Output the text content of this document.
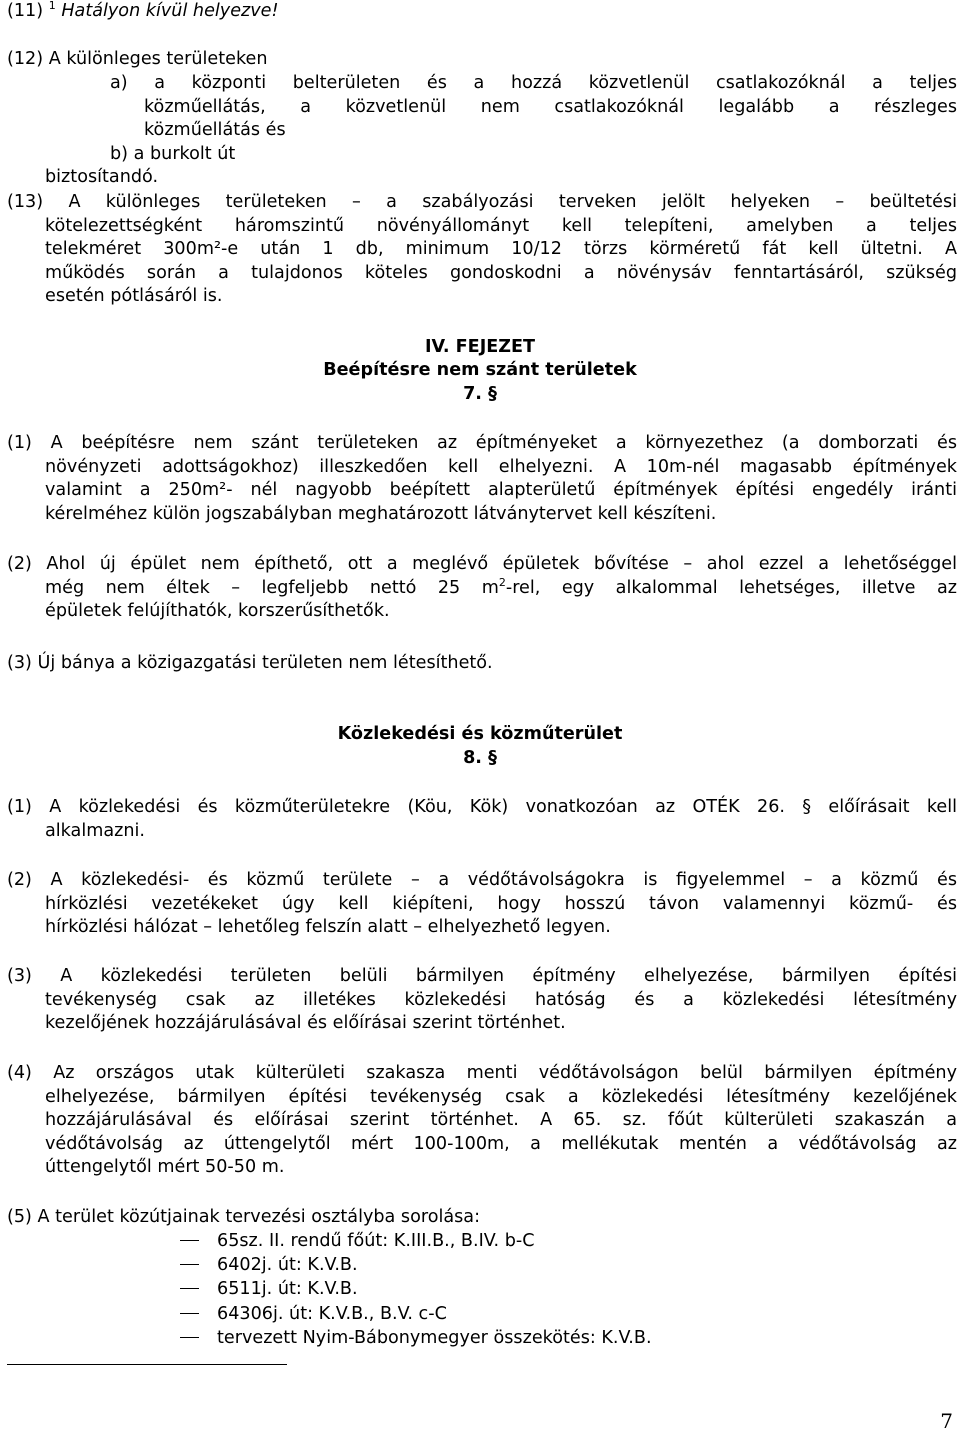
(11) $^1$ Hatályon kívül helyezve!
(12) A különleges területeken
a) a központi belterületen és a hozzá közvetlenül csatlakozóknál a teljes
közműellátás, a közvetlenül nem csatlakozóknál legalább a részleges
közműellátás és
b) a burkolt út
biztosítandó.
(13) A különleges területeken – a szabályozási terveken jelölt helyeken – beültetési
kötelezettségként háromszintű növényállományt kell telepíteni, amelyben a teljes
telekméret 300m²-e után 1 db, minimum 10/12 törzs körméretű fát kell ültetni. A
működés során a tulajdonos köteles gondoskodni a növénysáv fenntartásáról, szükség
esetén pótlásáról is.
IV. FEJEZET
Beépítésre nem szánt területek
7. §
(1) A beépítésre nem szánt területeken az építményeket a környezethez (a domborzati és
növényzeti adottságokhoz) illeszkedően kell elhelyezni. A 10m-nél magasabb építmények
valamint a 250m²- nél nagyobb beépített alapterületű építmények építési engedély iránti
kérelméhez külön jogszabályban meghatározott látványtervet kell készíteni.
(2) Ahol új épület nem építhető, ott a meglévő épületek bővítése – ahol ezzel a lehetőséggel
még nem éltek – legfeljebb nettó 25 $m^2$-rel, egy alkalommal lehetséges, illetve az
épületek felújíthatók, korszerűsíthetők.
(3) Új bánya a közigazgatási területen nem létesíthető.
Közlekedési és közműterület
8. §
(1) A közlekedési és közműterületekre (Köu, Kök) vonatkozóan az OTÉK 26. § előírásait kell
alkalmazni.
(2) A közlekedési- és közmű területe – a védőtávolságokra is figyelemmel – a közmű és
hírközlési vezetékeket úgy kell kiépíteni, hogy hosszú távon valamennyi közmű- és
hírközlési hálózat – lehetőleg felszín alatt – elhelyezhető legyen.
(3) A közlekedési területen belüli bármilyen építmény elhelyezése, bármilyen építési
tevékenység csak az illetékes közlekedési hatóság és a közlekedési létesítmény
kezelőjének hozzájárulásával és előírásai szerint történhet.
(4) Az országos utak külterületi szakasza menti védőtávolságon belül bármilyen építmény
elhelyezése, bármilyen építési tevékenység csak a közlekedési létesítmény kezelőjének
hozzájárulásával és előírásai szerint történhet. A 65. sz. főút külterületi szakaszán a
védőtávolság az úttengelytől mért 100-100m, a mellékutak mentén a védőtávolság az
úttengelytől mért 50-50 m.
(5) A terület közútjainak tervezési osztályba sorolása:
65sz. II. rendű főút: K.III.B., B.IV. b-C
6402j. út: K.V.B.
6511j. út: K.V.B.
64306j. út: K.V.B., B.V. c-C
tervezett Nyim-Bábonymegyer összeköt​és: K.V.B.
7
